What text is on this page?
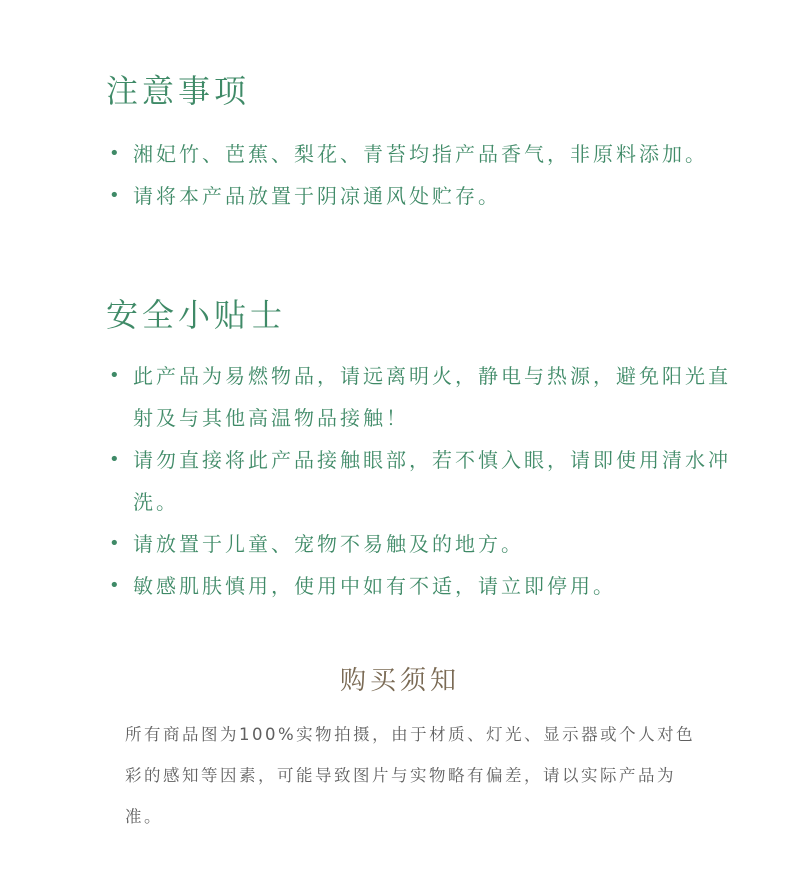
注意事项
• 湘妃竹、芭蕉、梨花、青苔均指产品香气，非原料添加。
• 请将本产品放置于阴凉通风处贮存。
安全小贴士
• 此产品为易燃物品，请远离明火，静电与热源，避免阳光直射及与其他高温物品接触！
• 请勿直接将此产品接触眼部，若不慎入眼，请即使用清水冲洗。
• 请放置于儿童、宠物不易触及的地方。
• 敏感肌肤慎用，使用中如有不适，请立即停用。
购买须知

所有商品图为100%实物拍摄，由于材质、灯光、显示器或个人对色彩的感知等因素，可能导致图片与实物略有偏差，请以实际产品为准。
